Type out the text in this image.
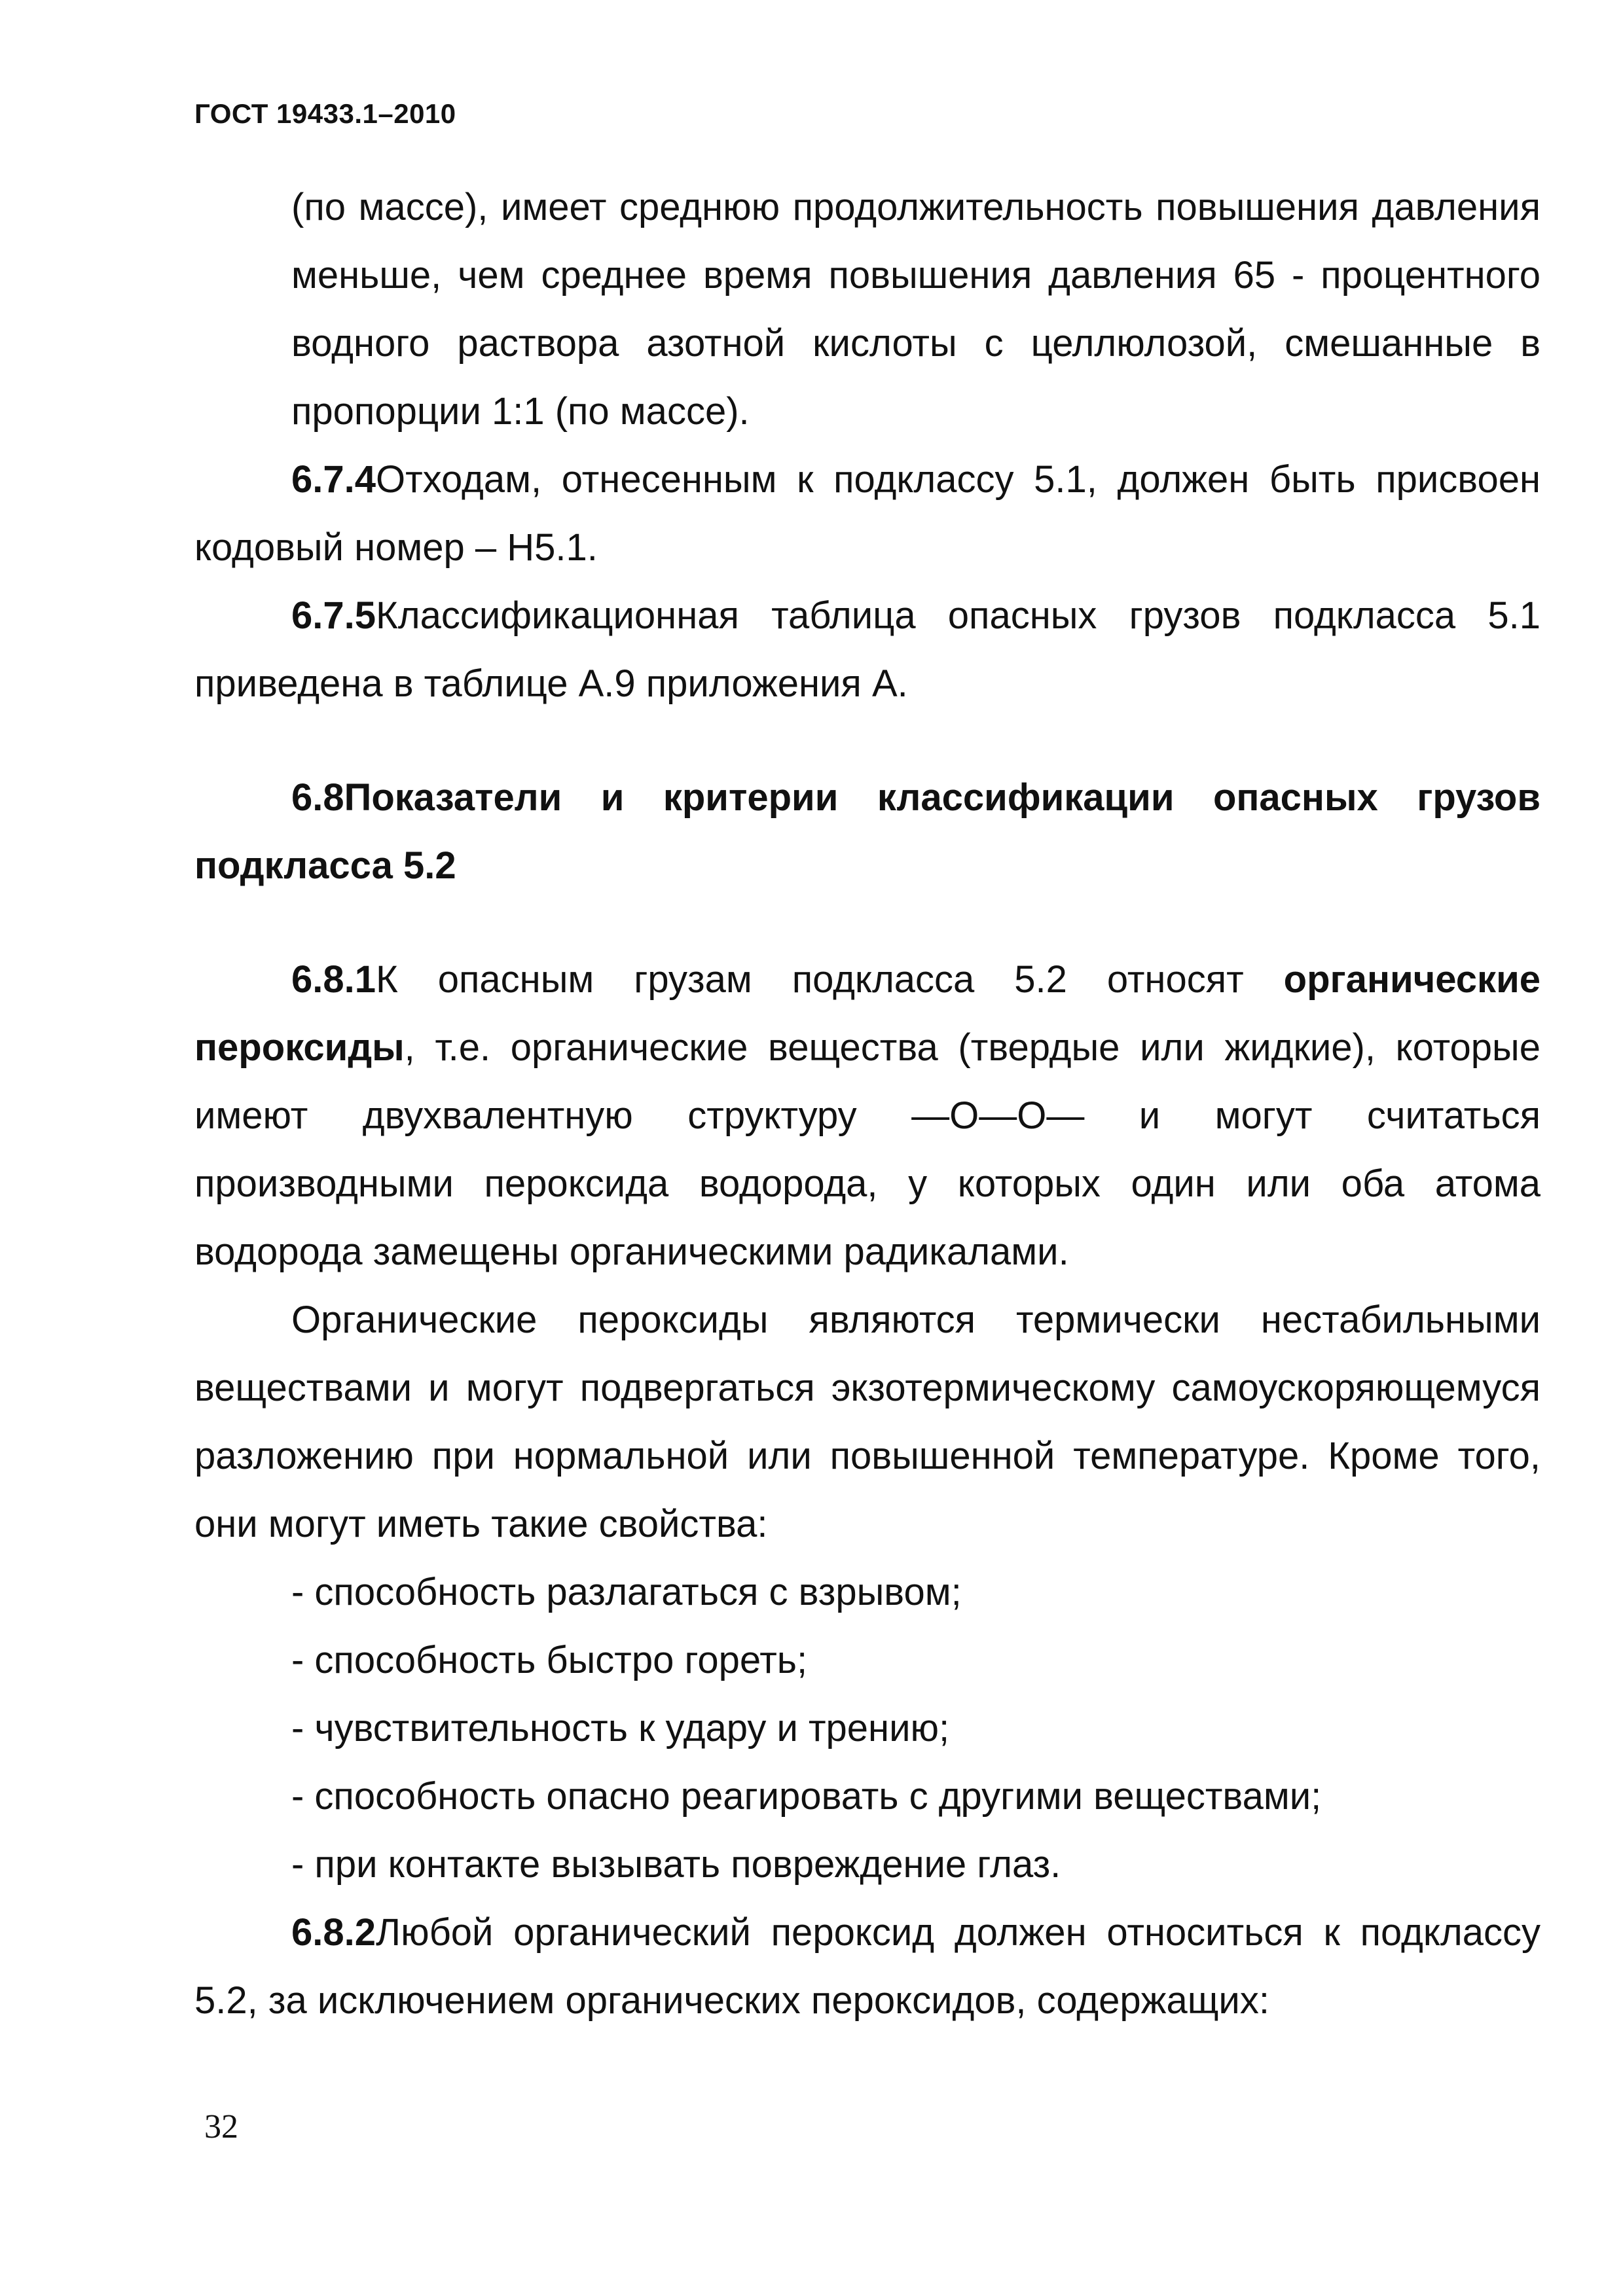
ГОСТ 19433.1–2010

(по массе), имеет среднюю продолжительность повышения давления меньше, чем среднее время повышения давления 65 - процентного водного раствора азотной кислоты с целлюлозой, смешанные в пропорции 1:1 (по массе).

6.7.4Отходам, отнесенным к подклассу 5.1, должен быть присвоен кодовый номер – Н5.1.

6.7.5Классификационная таблица опасных грузов подкласса 5.1 приведена в таблице А.9 приложения А.

6.8Показатели и критерии классификации опасных грузов подкласса 5.2

6.8.1К опасным грузам подкласса 5.2 относят органические пероксиды, т.е. органические вещества (твердые или жидкие), которые имеют двухвалентную структуру —O—O— и могут считаться производными пероксида водорода, у которых один или оба атома водорода замещены органическими радикалами.

Органические пероксиды являются термически нестабильными веществами и могут подвергаться экзотермическому самоускоряющемуся разложению при нормальной или повышенной температуре. Кроме того, они могут иметь такие свойства:

- способность разлагаться с взрывом;

- способность быстро гореть;

- чувствительность к удару и трению;

- способность опасно реагировать с другими веществами;

- при контакте вызывать повреждение глаз.

6.8.2Любой органический пероксид должен относиться к подклассу 5.2, за исключением органических пероксидов, содержащих:

32
